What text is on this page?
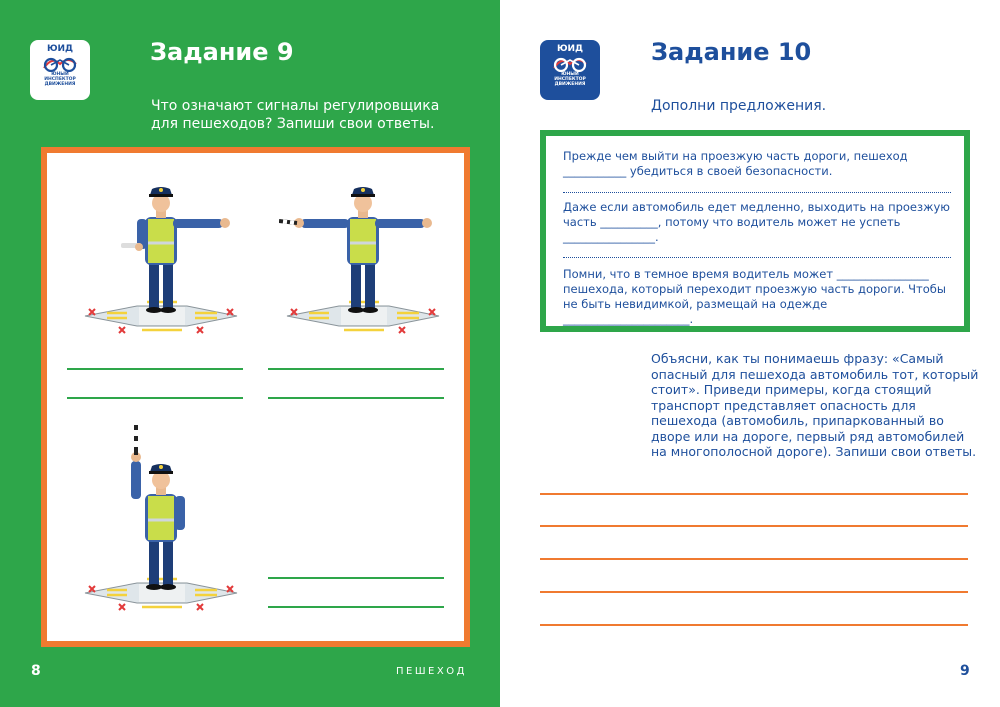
ЮИД
ЮНЫЙ
ИНСПЕКТОР
ДВИЖЕНИЯ
Задание 9
Что означают сигналы регулировщика для пешеходов? Запиши свои ответы.
8	ПЕШЕХОД
ЮИД
ЮНЫЙ
ИНСПЕКТОР
ДВИЖЕНИЯ
Задание 10
Дополни предложения.
Прежде чем выйти на проезжую часть дороги, пешеход ___________ убедиться в своей безопасности.
Даже если автомобиль едет медленно, выходить на проезжую часть __________, потому что водитель может не успеть ________________.
Помни, что в темное время водитель может ________________ пешехода, который переходит проезжую часть дороги. Чтобы не быть невидимкой, размещай на одежде ______________________.
Объясни, как ты понимаешь фразу: «Самый опасный для пешехода автомобиль тот, который стоит». Приведи примеры, когда стоящий транспорт представляет опасность для пешехода (автомобиль, припаркованный во дворе или на дороге, первый ряд автомобилей на многополосной дороге). Запиши свои ответы.
9
